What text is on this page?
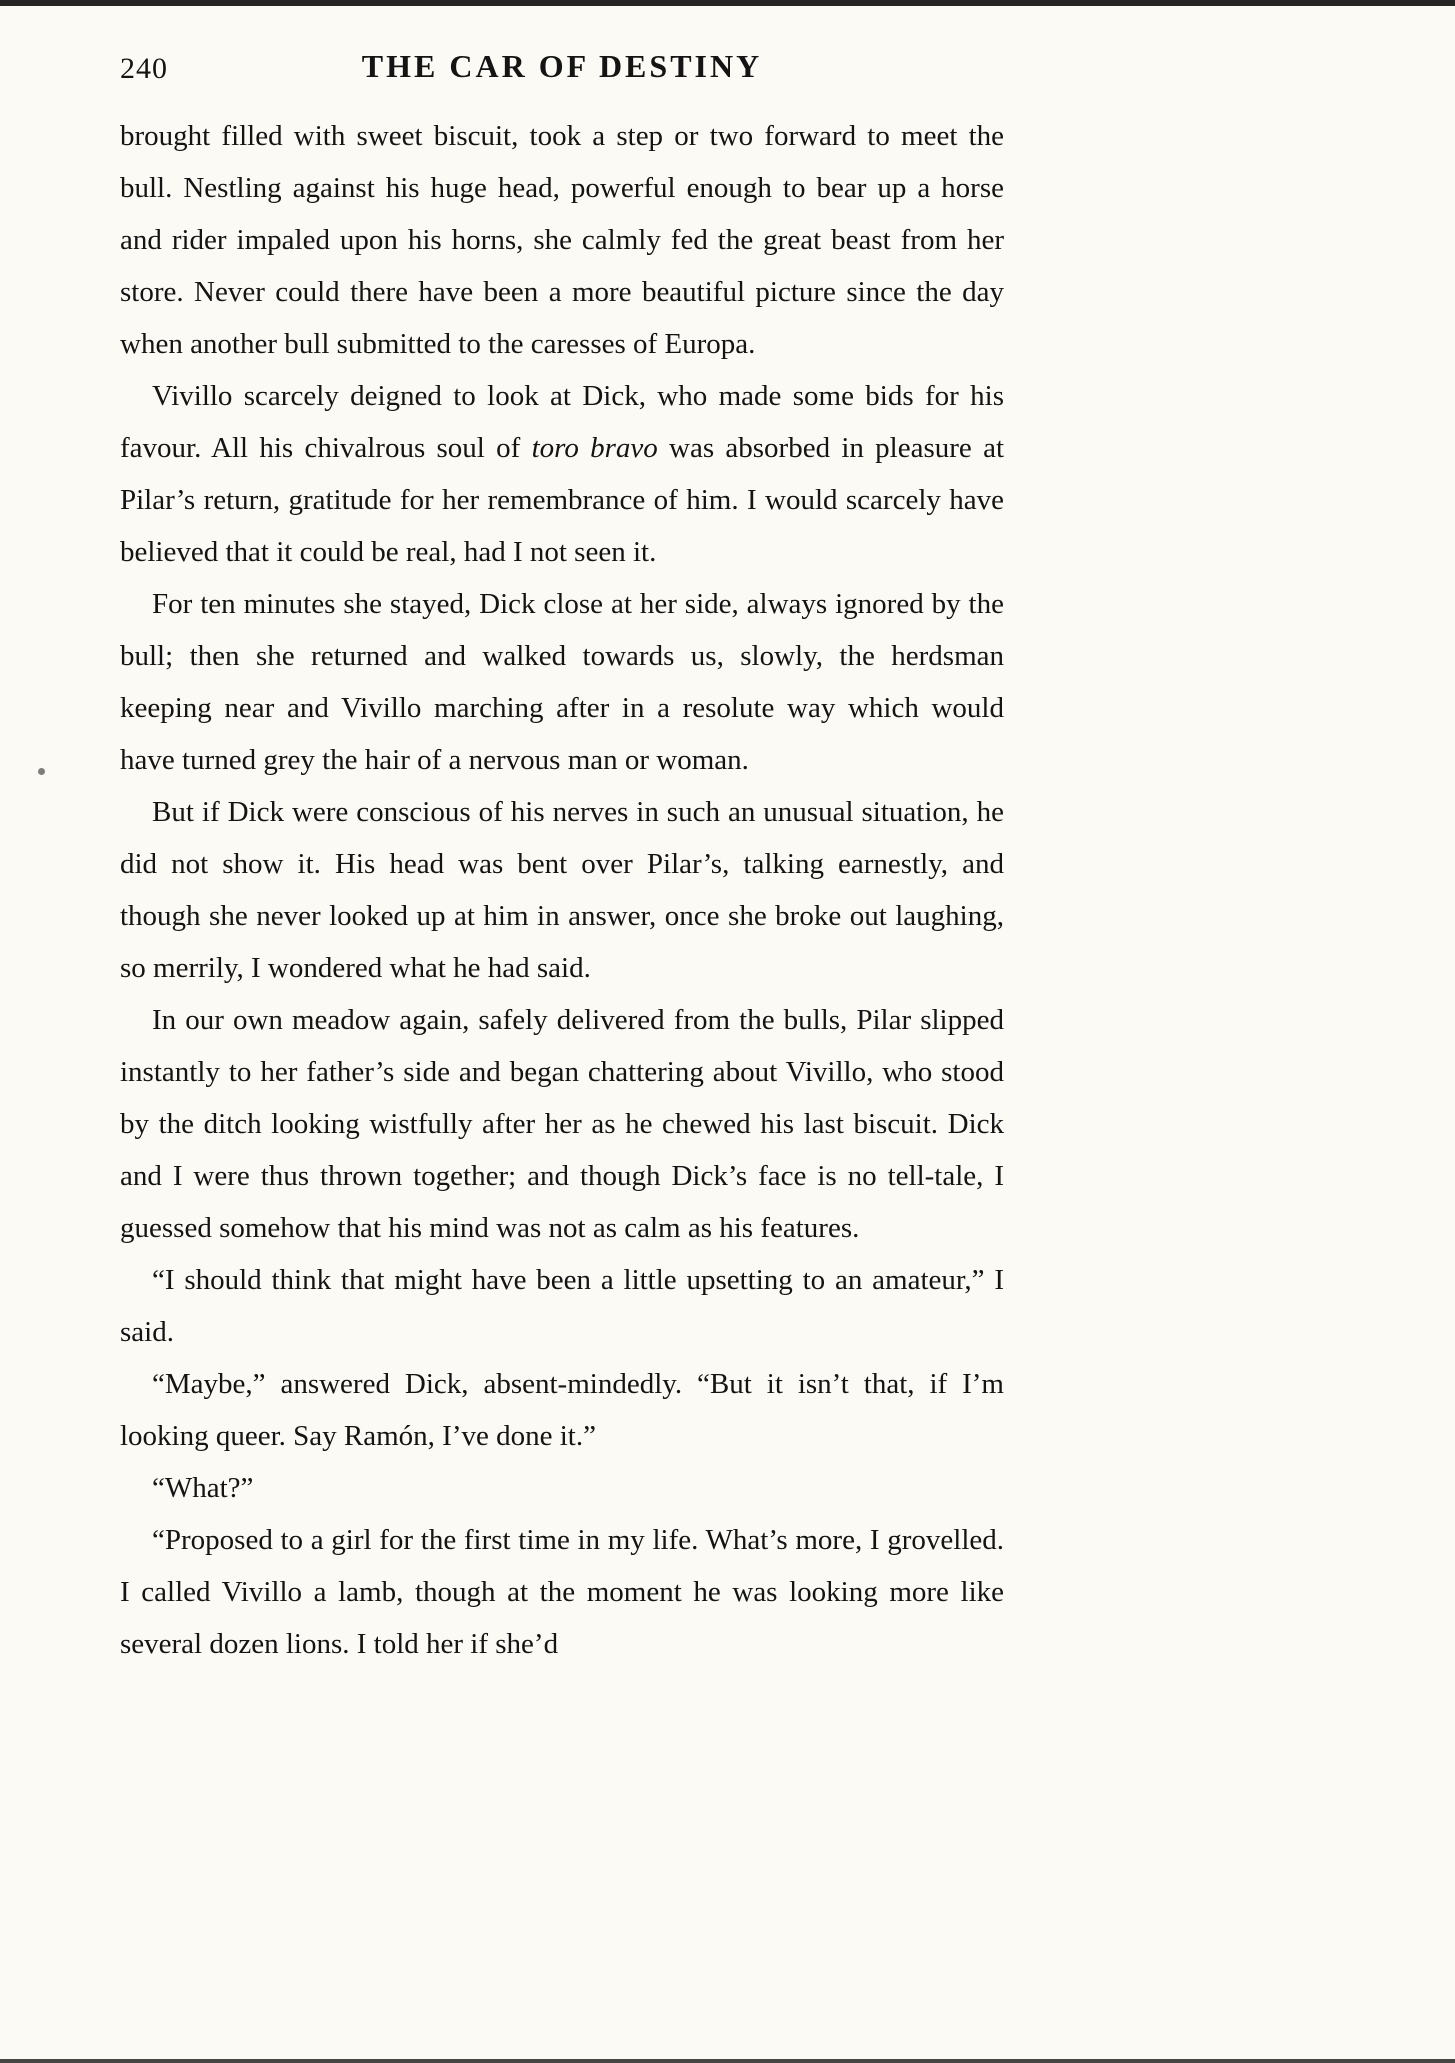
240	THE CAR OF DESTINY

brought filled with sweet biscuit, took a step or two forward to meet the bull. Nestling against his huge head, powerful enough to bear up a horse and rider impaled upon his horns, she calmly fed the great beast from her store. Never could there have been a more beautiful picture since the day when another bull submitted to the caresses of Europa.

Vivillo scarcely deigned to look at Dick, who made some bids for his favour. All his chivalrous soul of toro bravo was absorbed in pleasure at Pilar’s return, gratitude for her remembrance of him. I would scarcely have believed that it could be real, had I not seen it.

For ten minutes she stayed, Dick close at her side, always ignored by the bull; then she returned and walked towards us, slowly, the herdsman keeping near and Vivillo marching after in a resolute way which would have turned grey the hair of a nervous man or woman.

But if Dick were conscious of his nerves in such an unusual situation, he did not show it. His head was bent over Pilar’s, talking earnestly, and though she never looked up at him in answer, once she broke out laughing, so merrily, I wondered what he had said.

In our own meadow again, safely delivered from the bulls, Pilar slipped instantly to her father’s side and began chattering about Vivillo, who stood by the ditch looking wistfully after her as he chewed his last biscuit. Dick and I were thus thrown together; and though Dick’s face is no tell-tale, I guessed somehow that his mind was not as calm as his features.

“I should think that might have been a little upsetting to an amateur,” I said.

“Maybe,” answered Dick, absent-mindedly. “But it isn’t that, if I’m looking queer. Say Ramón, I’ve done it.”

“What?”

“Proposed to a girl for the first time in my life. What’s more, I grovelled. I called Vivillo a lamb, though at the moment he was looking more like several dozen lions. I told her if she’d
